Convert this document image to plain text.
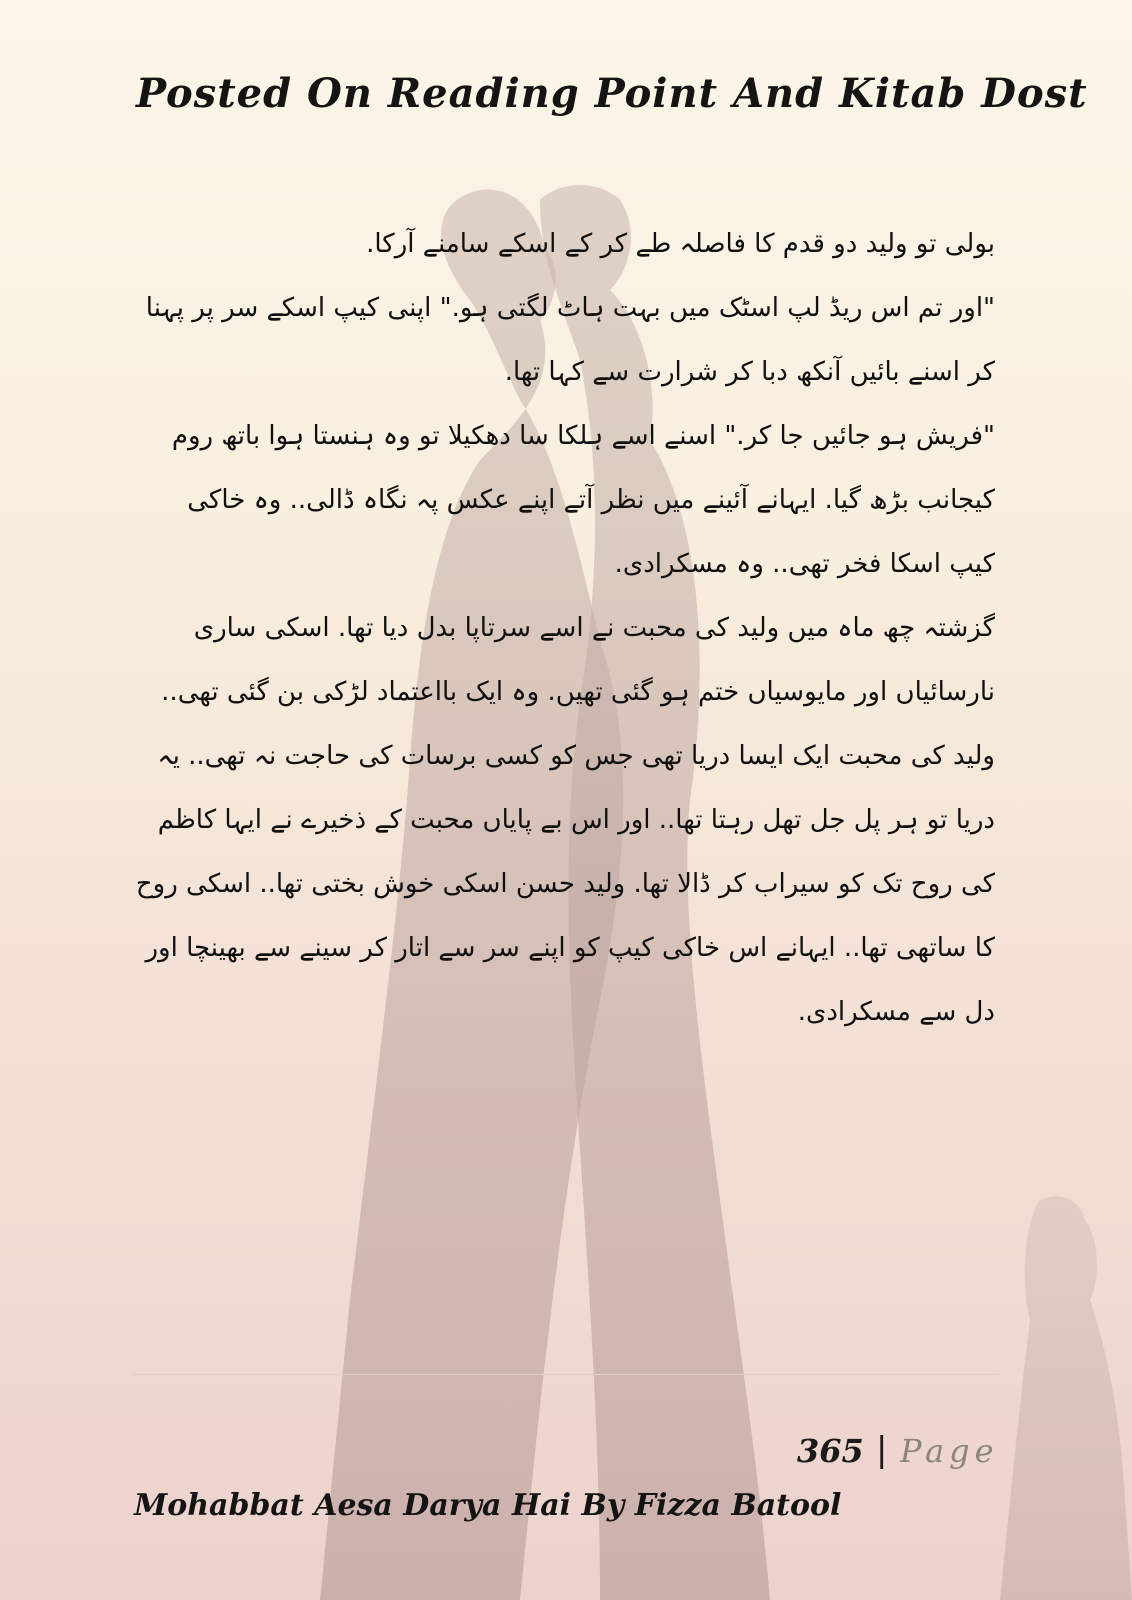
Posted On Reading Point And Kitab Dost

بولی تو ولید دو قدم کا فاصلہ طے کر کے اسکے سامنے آرکا.

"اور تم اس ریڈ لپ اسٹک میں بہت ہاٹ لگتی ہو." اپنی کیپ اسکے سر پر پہنا کر اسنے بائیں آنکھ دبا کر شرارت سے کہا تھا.

"فریش ہو جائیں جا کر." اسنے اسے ہلکا سا دھکیلا تو وہ ہنستا ہوا باتھ روم کیجانب بڑھ گیا. ایہانے آئینے میں نظر آتے اپنے عکس پہ نگاہ ڈالی.. وہ خاکی کیپ اسکا فخر تھی.. وہ مسکرادی.

گزشتہ چھ ماہ میں ولید کی محبت نے اسے سرتاپا بدل دیا تھا. اسکی ساری نارسائیاں اور مایوسیاں ختم ہو گئی تھیں. وہ ایک بااعتماد لڑکی بن گئی تھی.. ولید کی محبت ایک ایسا دریا تھی جس کو کسی برسات کی حاجت نہ تھی.. یہ دریا تو ہر پل جل تھل رہتا تھا.. اور اس بے پایاں محبت کے ذخیرے نے ایہا کاظم کی روح تک کو سیراب کر ڈالا تھا. ولید حسن اسکی خوش بختی تھا.. اسکی روح کا ساتھی تھا.. ایہانے اس خاکی کیپ کو اپنے سر سے اتار کر سینے سے بھینچا اور دل سے مسکرادی.

365 | Page
Mohabbat Aesa Darya Hai By Fizza Batool
